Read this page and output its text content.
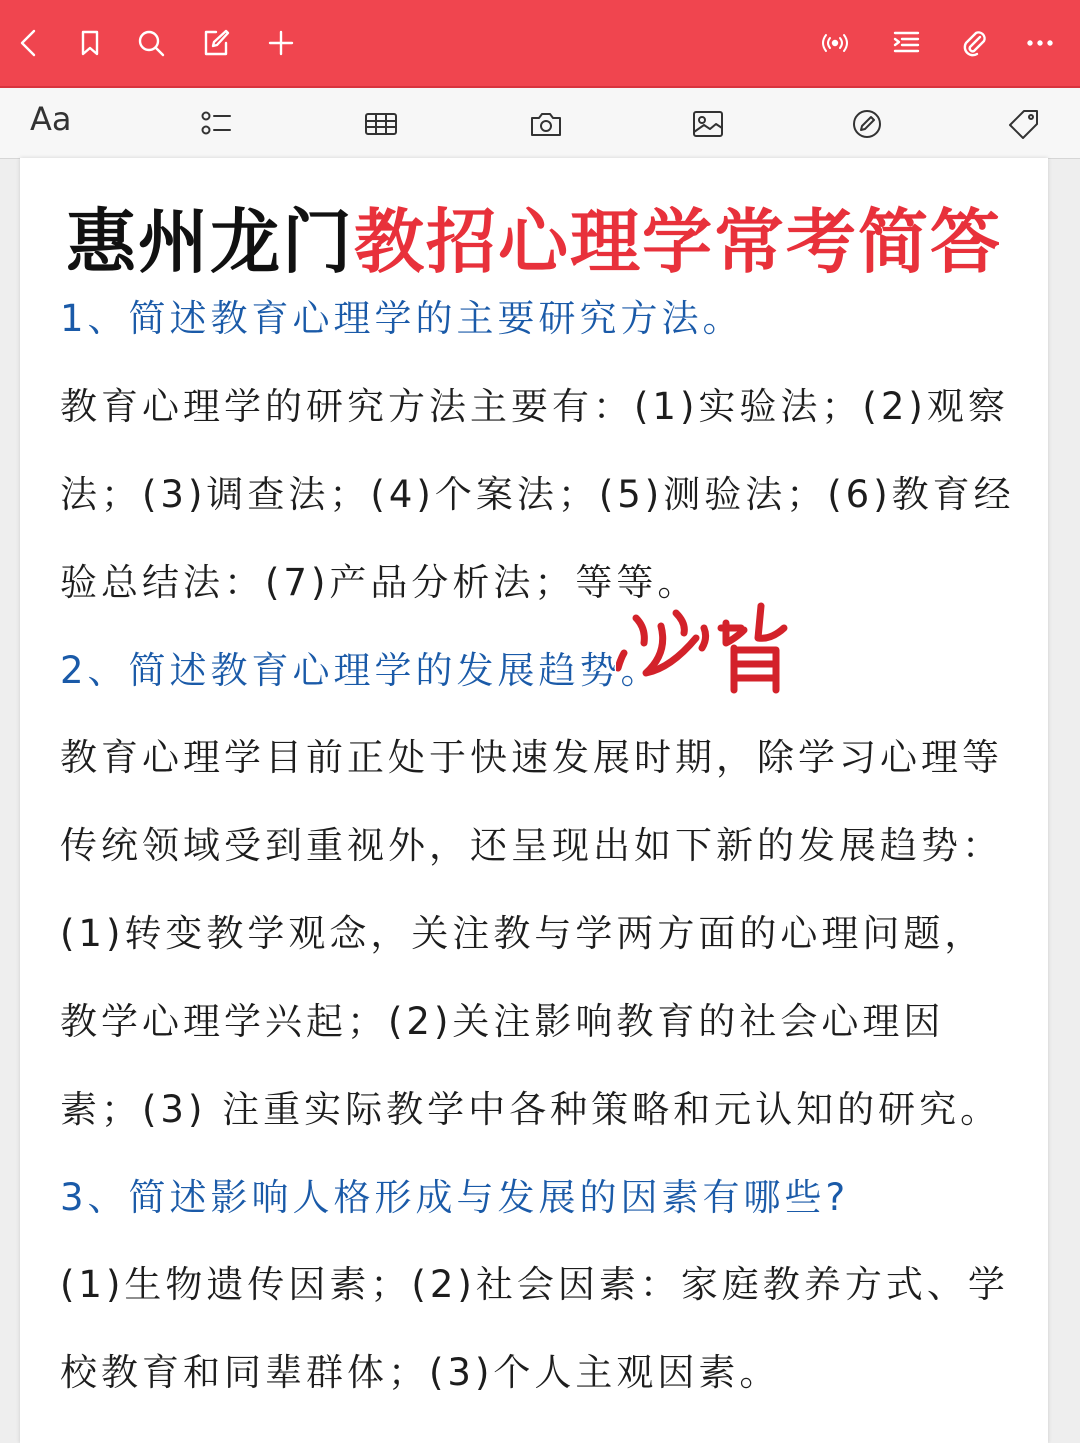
Aa
惠州龙门教招心理学常考简答
1、简述教育心理学的主要研究方法。
教育心理学的研究方法主要有：(1)实验法；(2)观察
法；(3)调查法；(4)个案法；(5)测验法；(6)教育经
验总结法：(7)产品分析法；等等。
2、简述教育心理学的发展趋势。
教育心理学目前正处于快速发展时期，除学习心理等
传统领域受到重视外，还呈现出如下新的发展趋势：
(1)转变教学观念，关注教与学两方面的心理问题，
教学心理学兴起；(2)关注影响教育的社会心理因
素；(3) 注重实际教学中各种策略和元认知的研究。
3、简述影响人格形成与发展的因素有哪些?
(1)生物遗传因素；(2)社会因素：家庭教养方式、学
校教育和同辈群体；(3)个人主观因素。
